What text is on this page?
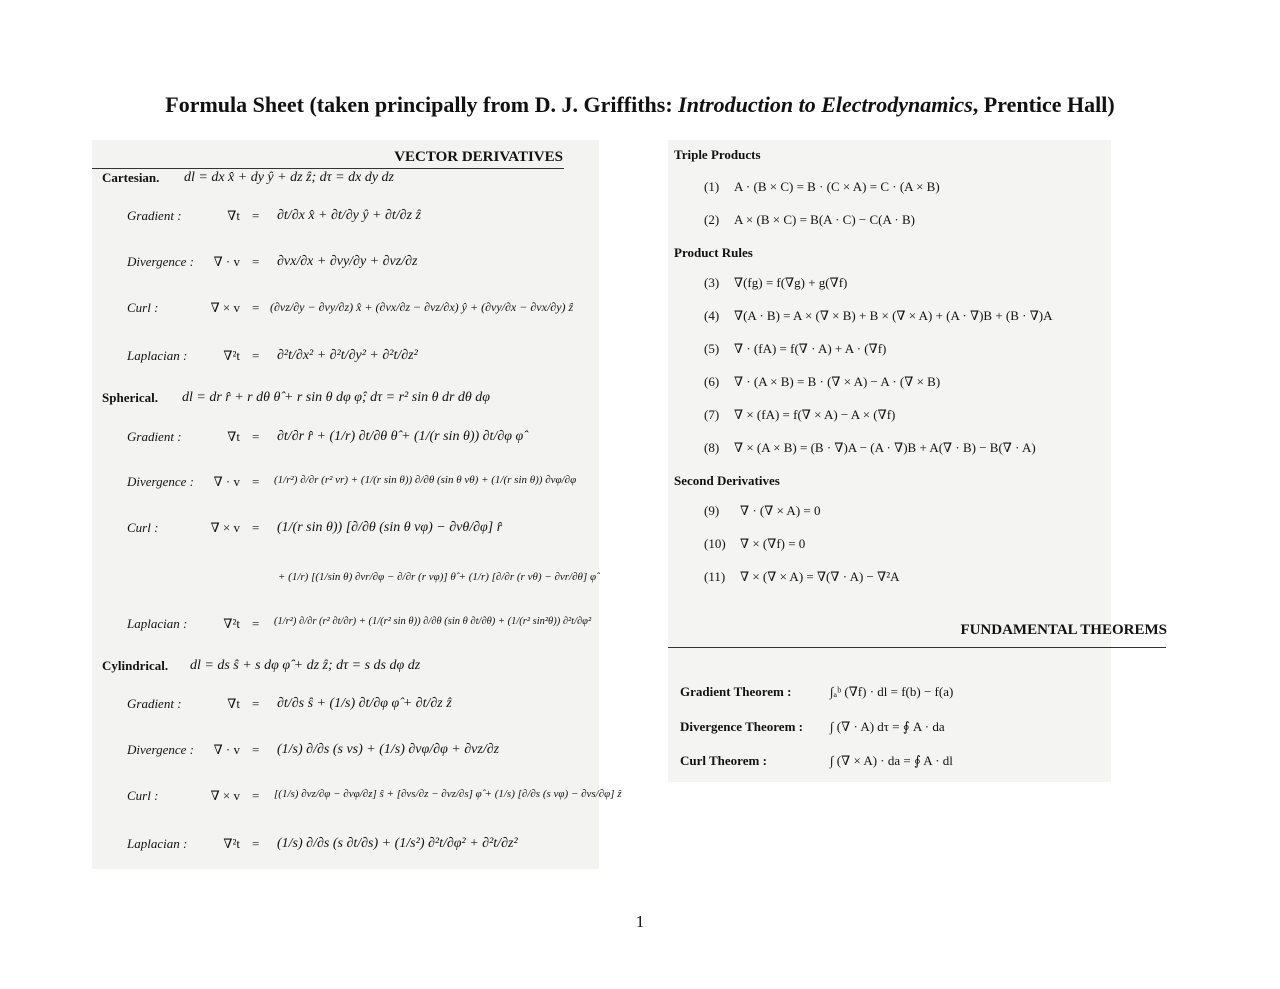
Formula Sheet (taken principally from D. J. Griffiths: Introduction to Electrodynamics, Prentice Hall)
VECTOR DERIVATIVES
Cartesian. dl = dx x̂ + dy ŷ + dz ẑ; dτ = dx dy dz
Gradient :	∇t = ∂t/∂x x̂ + ∂t/∂y ŷ + ∂t/∂z ẑ
Divergence :	∇ · v = ∂vx/∂x + ∂vy/∂y + ∂vz/∂z
Curl :	∇ × v = (∂vz/∂y − ∂vy/∂z) x̂ + (∂vx/∂z − ∂vz/∂x) ŷ + (∂vy/∂x − ∂vx/∂y) ẑ
Laplacian :	∇²t = ∂²t/∂x² + ∂²t/∂y² + ∂²t/∂z²
Spherical. dl = dr r̂ + r dθ θ̂ + r sin θ dφ φ̂; dτ = r² sin θ dr dθ dφ
Gradient :	∇t = ∂t/∂r r̂ + (1/r) ∂t/∂θ θ̂ + (1/(r sin θ)) ∂t/∂φ φ̂
Divergence :	∇ · v = (1/r²) ∂/∂r (r² vr) + (1/(r sin θ)) ∂/∂θ (sin θ vθ) + (1/(r sin θ)) ∂vφ/∂φ
Curl :	∇ × v = (1/(r sin θ)) [∂/∂θ (sin θ vφ) − ∂vθ/∂φ] r̂
+ (1/r) [(1/sin θ) ∂vr/∂φ − ∂/∂r (r vφ)] θ̂ + (1/r) [∂/∂r (r vθ) − ∂vr/∂θ] φ̂
Laplacian :	∇²t = (1/r²) ∂/∂r (r² ∂t/∂r) + (1/(r² sin θ)) ∂/∂θ (sin θ ∂t/∂θ) + (1/(r² sin²θ)) ∂²t/∂φ²
Cylindrical. dl = ds ŝ + s dφ φ̂ + dz ẑ; dτ = s ds dφ dz
Gradient :	∇t = ∂t/∂s ŝ + (1/s) ∂t/∂φ φ̂ + ∂t/∂z ẑ
Divergence :	∇ · v = (1/s) ∂/∂s (s vs) + (1/s) ∂vφ/∂φ + ∂vz/∂z
Curl :	∇ × v = [(1/s) ∂vz/∂φ − ∂vφ/∂z] ŝ + [∂vs/∂z − ∂vz/∂s] φ̂ + (1/s) [∂/∂s (s vφ) − ∂vs/∂φ] ẑ
Laplacian :	∇²t = (1/s) ∂/∂s (s ∂t/∂s) + (1/s²) ∂²t/∂φ² + ∂²t/∂z²
Triple Products
(1) A · (B × C) = B · (C × A) = C · (A × B)
(2) A × (B × C) = B(A · C) − C(A · B)
Product Rules
(3) ∇(fg) = f(∇g) + g(∇f)
(4) ∇(A · B) = A × (∇ × B) + B × (∇ × A) + (A · ∇)B + (B · ∇)A
(5) ∇ · (fA) = f(∇ · A) + A · (∇f)
(6) ∇ · (A × B) = B · (∇ × A) − A · (∇ × B)
(7) ∇ × (fA) = f(∇ × A) − A × (∇f)
(8) ∇ × (A × B) = (B · ∇)A − (A · ∇)B + A(∇ · B) − B(∇ · A)
Second Derivatives
(9) ∇ · (∇ × A) = 0
(10) ∇ × (∇f) = 0
(11) ∇ × (∇ × A) = ∇(∇ · A) − ∇²A
FUNDAMENTAL THEOREMS
Gradient Theorem :	∫ₐᵇ (∇f) · dl = f(b) − f(a)
Divergence Theorem : ∫ (∇ · A) dτ = ∮ A · da
Curl Theorem :	∫ (∇ × A) · da = ∮ A · dl
1
